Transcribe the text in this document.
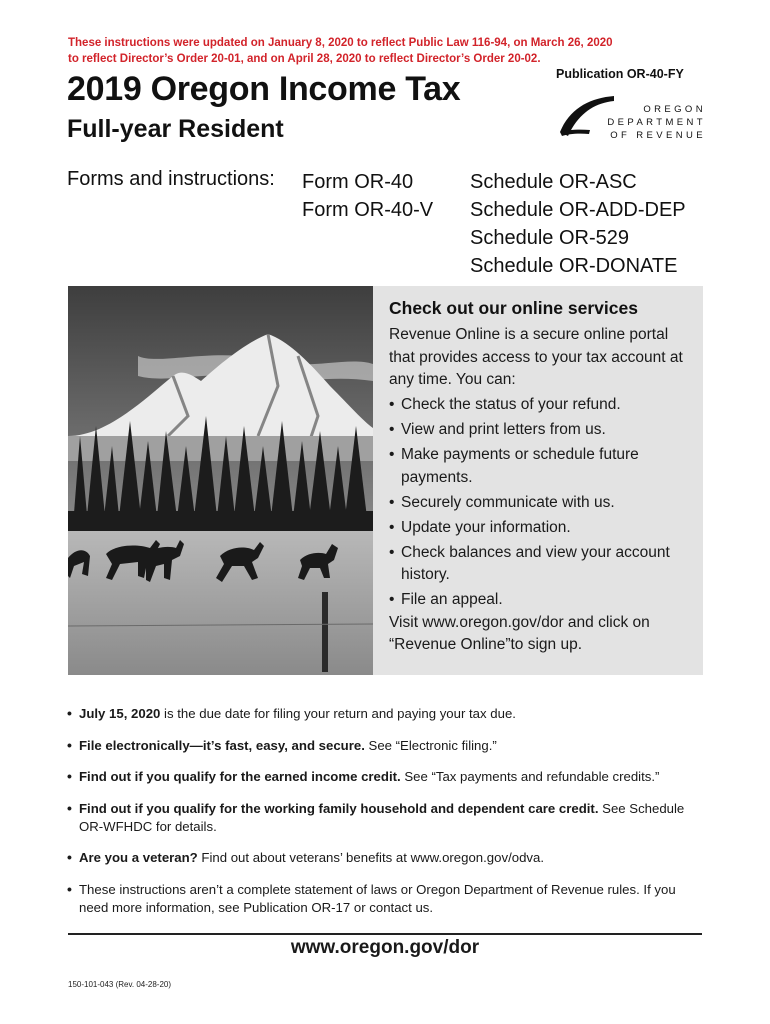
These instructions were updated on January 8, 2020 to reflect Public Law 116-94, on March 26, 2020
to reflect Director’s Order 20-01, and on April 28, 2020 to reflect Director’s Order 20-02.
Publication OR-40-FY
2019 Oregon Income Tax
Full-year Resident
OREGON
DEPARTMENT
OF REVENUE
Forms and instructions: Form OR-40
Form OR-40-V
Schedule OR-ASC
Schedule OR-ADD-DEP
Schedule OR-529
Schedule OR-DONATE
Check out our online services
Revenue Online is a secure online portal that provides access to your tax account at any time. You can:
• Check the status of your refund.
• View and print letters from us.
• Make payments or schedule future payments.
• Securely communicate with us.
• Update your information.
• Check balances and view your account history.
• File an appeal.
Visit www.oregon.gov/dor and click on “Revenue Online”to sign up.
• July 15, 2020 is the due date for filing your return and paying your tax due.
• File electronically—it’s fast, easy, and secure. See “Electronic filing.”
• Find out if you qualify for the earned income credit. See “Tax payments and refundable credits.”
• Find out if you qualify for the working family household and dependent care credit. See Schedule OR-WFHDC for details.
• Are you a veteran? Find out about veterans’ benefits at www.oregon.gov/odva.
• These instructions aren’t a complete statement of laws or Oregon Department of Revenue rules. If you need more information, see Publication OR-17 or contact us.
www.oregon.gov/dor
150-101-043 (Rev. 04-28-20)
